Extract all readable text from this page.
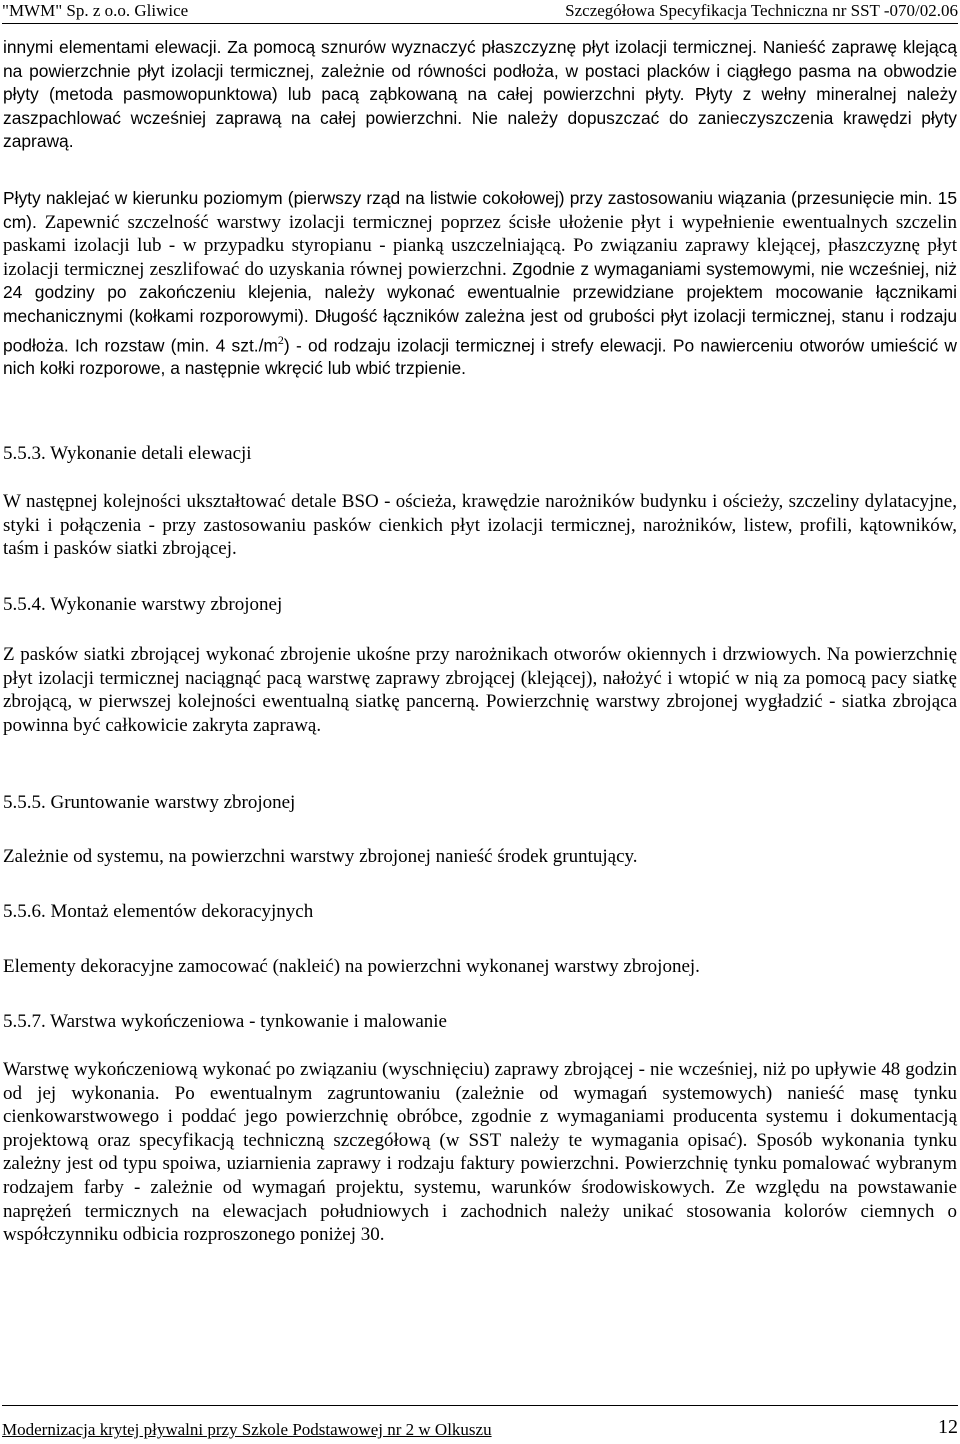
"MWM" Sp. z o.o. Gliwice	Szczegółowa Specyfikacja Techniczna nr SST -070/02.06

innymi elementami elewacji. Za pomocą sznurów wyznaczyć płaszczyznę płyt izolacji termicznej. Nanieść zaprawę klejącą na powierzchnie płyt izolacji termicznej, zależnie od równości podłoża, w postaci placków i ciągłego pasma na obwodzie płyty (metoda pasmowopunktowa) lub pacą ząbkowaną na całej powierzchni płyty. Płyty z wełny mineralnej należy zaszpachlować wcześniej zaprawą na całej powierzchni. Nie należy dopuszczać do zanieczyszczenia krawędzi płyty zaprawą.

Płyty naklejać w kierunku poziomym (pierwszy rząd na listwie cokołowej) przy zastosowaniu wiązania (przesunięcie min. 15 cm). Zapewnić szczelność warstwy izolacji termicznej poprzez ścisłe ułożenie płyt i wypełnienie ewentualnych szczelin paskami izolacji lub - w przypadku styropianu - pianką uszczelniającą. Po związaniu zaprawy klejącej, płaszczyznę płyt izolacji termicznej zeszlifować do uzyskania równej powierzchni. Zgodnie z wymaganiami systemowymi, nie wcześniej, niż 24 godziny po zakończeniu klejenia, należy wykonać ewentualnie przewidziane projektem mocowanie łącznikami mechanicznymi (kołkami rozporowymi). Długość łączników zależna jest od grubości płyt izolacji termicznej, stanu i rodzaju podłoża. Ich rozstaw (min. 4 $szt./m^2$) - od rodzaju izolacji termicznej i strefy elewacji. Po nawierceniu otworów umieścić w nich kołki rozporowe, a następnie wkręcić lub wbić trzpienie.

5.5.3. Wykonanie detali elewacji

W następnej kolejności ukształtować detale BSO - ościeża, krawędzie narożników budynku i ościeży, szczeliny dylatacyjne, styki i połączenia - przy zastosowaniu pasków cienkich płyt izolacji termicznej, narożników, listew, profili, kątowników, taśm i pasków siatki zbrojącej.

5.5.4. Wykonanie warstwy zbrojonej

Z pasków siatki zbrojącej wykonać zbrojenie ukośne przy narożnikach otworów okiennych i drzwiowych. Na powierzchnię płyt izolacji termicznej naciągnąć pacą warstwę zaprawy zbrojącej (klejącej), nałożyć i wtopić w nią za pomocą pacy siatkę zbrojącą, w pierwszej kolejności ewentualną siatkę pancerną. Powierzchnię warstwy zbrojonej wygładzić - siatka zbrojąca powinna być całkowicie zakryta zaprawą.

5.5.5. Gruntowanie warstwy zbrojonej

Zależnie od systemu, na powierzchni warstwy zbrojonej nanieść środek gruntujący.

5.5.6. Montaż elementów dekoracyjnych

Elementy dekoracyjne zamocować (naklеić) na powierzchni wykonanej warstwy zbrojonej.

5.5.7. Warstwa wykończeniowa - tynkowanie i malowanie

Warstwę wykończeniową wykonać po związaniu (wyschnięciu) zaprawy zbrojącej - nie wcześniej, niż po upływie 48 godzin od jej wykonania. Po ewentualnym zagruntowaniu (zależnie od wymagań systemowych) nanieść masę tynku cienkowarstwowego i poddać jego powierzchnię obróbce, zgodnie z wymaganiami producenta systemu i dokumentacją projektową oraz specyfikacją techniczną szczegółową (w SST należy te wymagania opisać). Sposób wykonania tynku zależny jest od typu spoiwa, uziarnienia zaprawy i rodzaju faktury powierzchni. Powierzchnię tynku pomalować wybranym rodzajem farby - zależnie od wymagań projektu, systemu, warunków środowiskowych. Ze względu na powstawanie naprężeń termicznych na elewacjach południowych i zachodnich należy unikać stosowania kolorów ciemnych o współczynniku odbicia rozproszonego poniżej 30.

Modernizacja krytej pływalni przy Szkole Podstawowej nr 2 w Olkuszu	12
